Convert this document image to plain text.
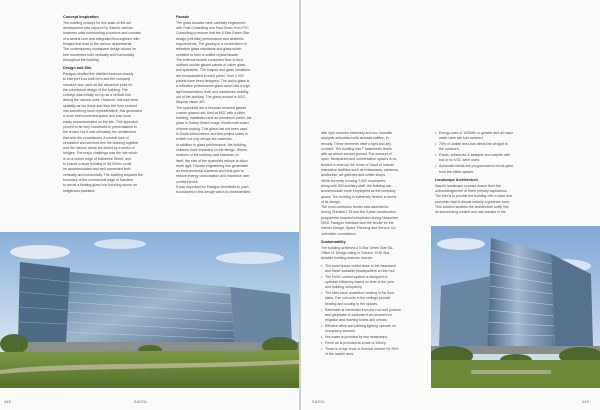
Concept Inspiration

The building concept for this state-of-the-art
development was inspired by Sasol's various
business units surrounding a nucleus and consists
of a central core and integrated thoroughfare with
bridges that lead to the various departments.
The contemporary workspace design allows for
free movement both vertically and horizontally
throughout the building.

Design and Site

Paragon studied this distilled essence closely
to interpret it as built form and the company
structure was used as the departure point for
the conceptual design of the building. The
concept was initially set up as a vertical hub
linking the various units. However, this was seen
spatially as too linear and thus the form evolved
into something more representative, this generated
a more interconnected space and was more
easily accommodated on the site. This approach
proved to be very successful in presentations to
the tenant, but it was ultimately the architecture
that won the commission. A central core of
circulation and services ties the building together
and the various areas are linked by a series of
bridges. The major challenge was the site which
is on a corner edge of Katherine Street, and
to ensure a large building of 68,000m² could
be accommodated and well connected both
vertically and horizontally. The building respects the
boundary of the commercial edge of Sandton
to act as a floating glass box hovering above an
indigenous parkland.

Facade

The glass facades were carefully engineered
with Rust Consulting and Paul Green from PJC
Consulting to ensure that the 5 Star Green Star
design (retrofits) performance and aesthetic
requirements. The glazing is a combination of
reflective glass standards and glass which
combine to form a unified crystal facade.
The external facade comprises floor to floor
unitised double-glazed panels of vision glass
and spandrels. The shapes and glass variations
are encapsulated in each panel. Over 2,000
panels have been designed. The vision glass is
a reflective performance glass which has a high
light transmission level and maximises visibility
out of the building. The glass product is AGC
Stopray vision 36T.
The spandrels are a bespoke textured glazed
custom glazed unit, fired at 683° with a silver
backing, installation and an aluminium panel, the
glass is Safety Shield Image Kinetic with board
chrome coating. This glass has not been used
in South Africa before and this project solely to
exhibit not only design but materials.
In addition to glass performance, the building
volumes have impacted on the design. Where
sections of the building cast shadows on
itself, the size of the spandrels reduce to allow
more light. Facade engineering has generated
an environmental shadows and heat gain to
reduce energy consumption and maximise user
comfort levels.
It was important for Paragon Architects to push
boundaries in this design which is characterised

448	SASOL

with light volumes externally and two dramatic
skylights articulated with acoustic baffles, in-
ternally. These elements drive a light and airy
concept. The building has 7 basements levels
with an atrium around ground. The concept of
open, transparent and conversation spaces is ex-
tended to embody the home of Sasol to include
interactive facilities such as restaurants, canteens,
auditorium, art galleries and coffee shops.
While currently housing 3,500 employees,
along with 300 auxiliary staff, the building can
accommodate more employees as the company
grows. The building is extremely flexible in terms
of its design.
The most contractor tender was awarded to
Aveng Grinaker-LTA and the 3-year construction
programme reached completion during November
2016. Paragon Interface won the tender for the
Interior Design, Space Planning and Service Co-
ordination commission.

Sustainability

The building achieved a 5-Star Green Star SA-
Office v1 Design rating in October 2016 Sus-
tainable building features include:

• The sand humor coiled close to the basement
and these wastable headquarters on the roof.
• The HVAC control system is designed to
optimise efficiency based on time of the year
and building occupancy.
• The sites have underfloor heating in the floor
slabs. Fan coil units in the ceilings provide
heating and cooling to the spaces.
• Rainwater is harvested from the roof and podium
and greywater is collected from showers for
irrigation and flushing toilets and urinals.
• Efficient office and parking lighting operate on
occupancy sensors.
• Hot water is provided by two heatpumps.
• Fresh air is provided at a rate of 15l/s/p.
• There is a high level of thermal comfort for 95%
of the usable area.
• Energy uses of 163kWh or greater and all major
water uses are sub-metered.
• 75% of usable area has direct line of sight to
the outdoors.
• Paints, adhesives & sealants and carpets with
low or no VOC were used.
• Automatic blinds are programmed to block glare
from the office spaces.
Landscape Architecture

Sasol's landscape concept drawn from the
acknowledgement of three primary aspirations.
The first is to provide the building with a base and
perimeter that is almost entirely a greened zone.
This solution soothes the architecture softly into
its surrounding context and also assists in the

SASOL	449
